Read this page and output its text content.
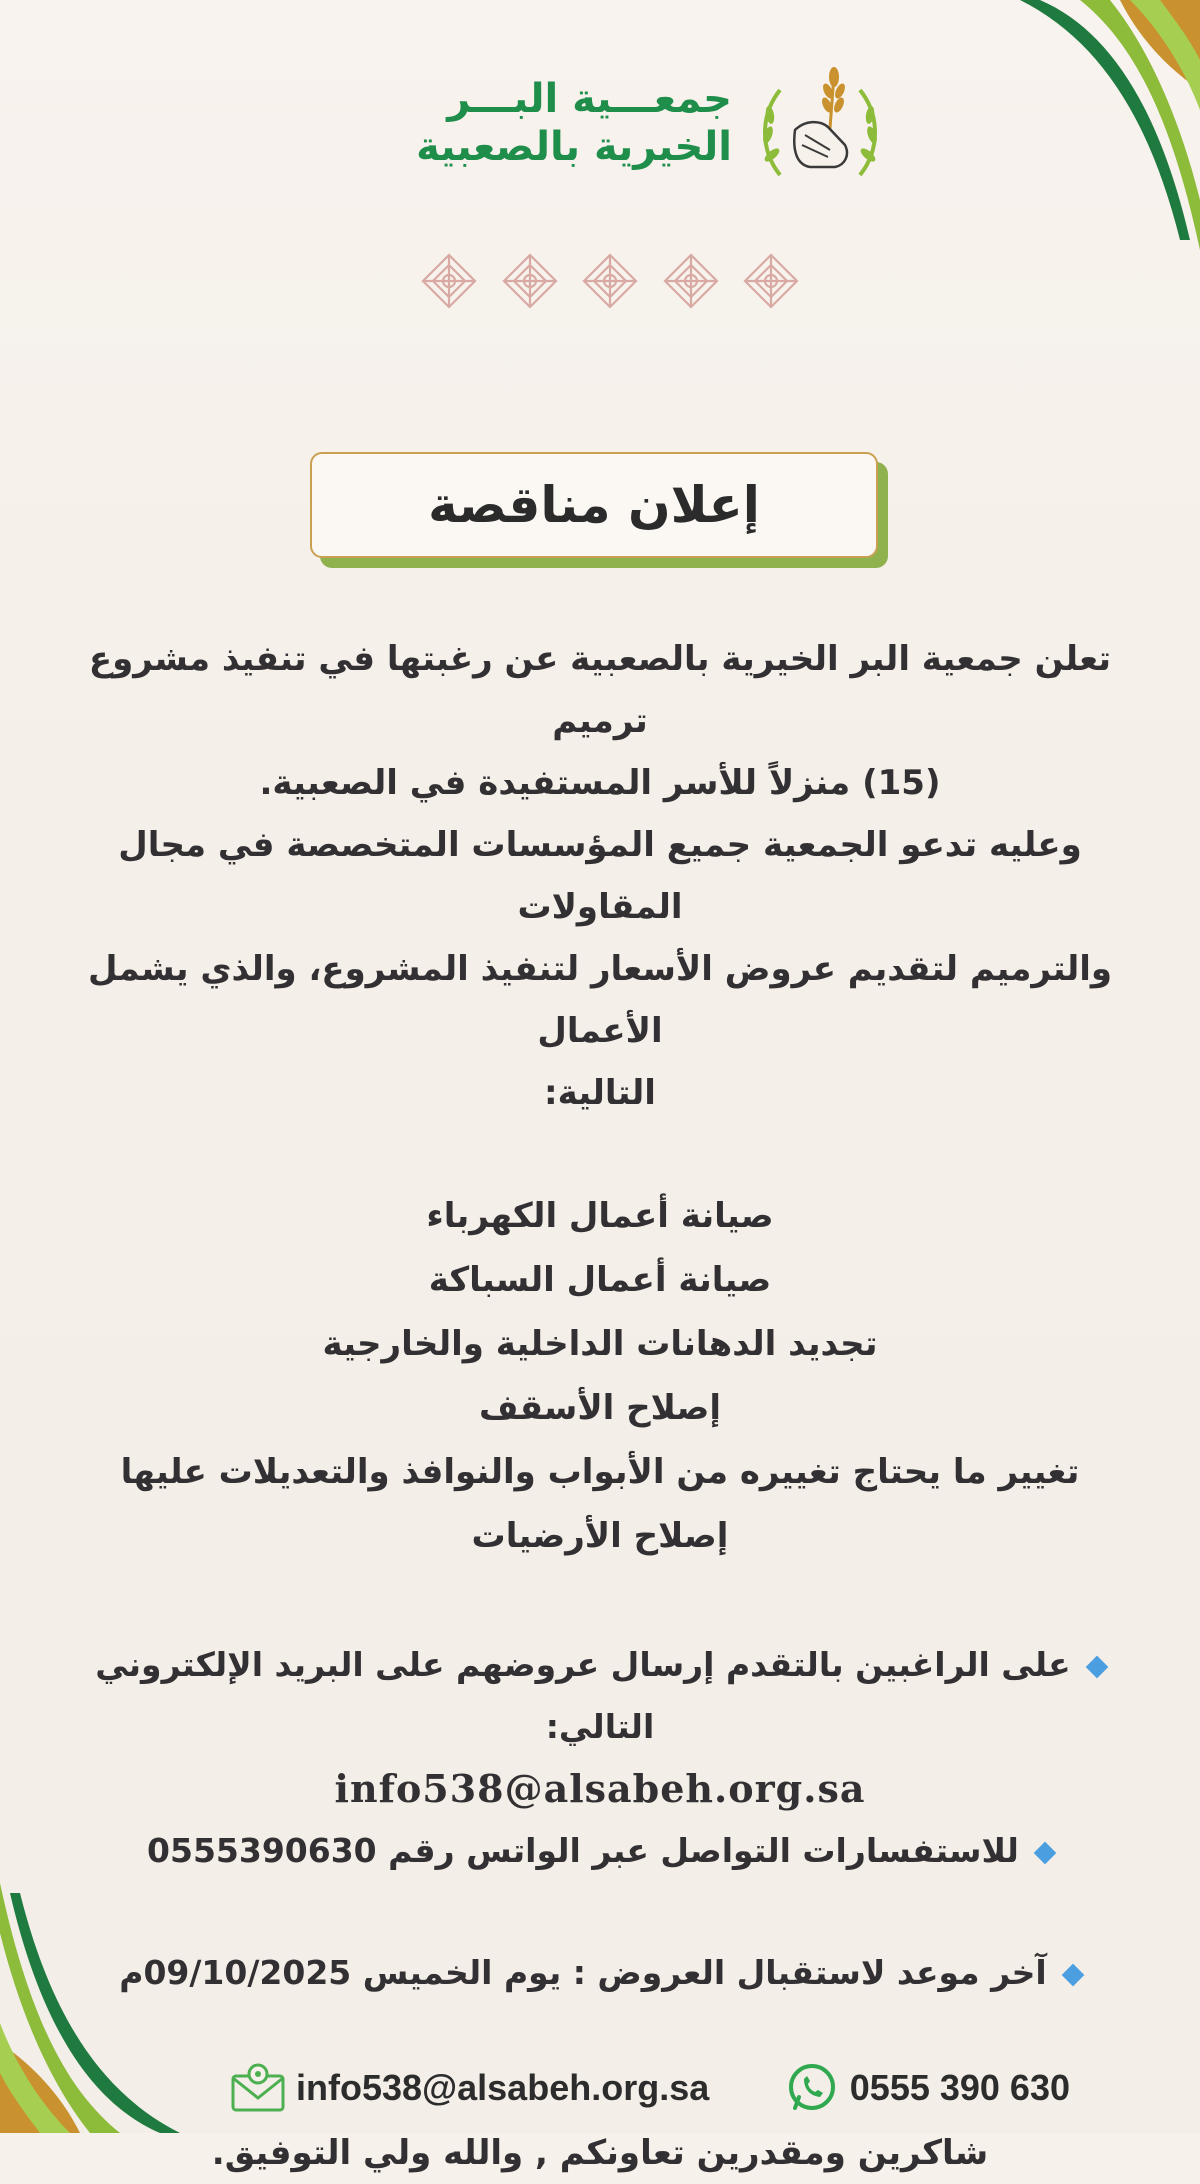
جمعـــية البـــر
الخيرية بالصعبية
إعلان مناقصة
تعلن جمعية البر الخيرية بالصعبية عن رغبتها في تنفيذ مشروع ترميم
(15) منزلاً للأسر المستفيدة في الصعبية.
وعليه تدعو الجمعية جميع المؤسسات المتخصصة في مجال المقاولات
والترميم لتقديم عروض الأسعار لتنفيذ المشروع، والذي يشمل الأعمال
التالية:
صيانة أعمال الكهرباء
صيانة أعمال السباكة
تجديد الدهانات الداخلية والخارجية
إصلاح الأسقف
تغيير ما يحتاج تغييره من الأبواب والنوافذ والتعديلات عليها
إصلاح الأرضيات
على الراغبين بالتقدم إرسال عروضهم على البريد الإلكتروني التالي:
info538@alsabeh.org.sa
للاستفسارات التواصل عبر الواتس رقم 0555390630
آخر موعد لاستقبال العروض : يوم الخميس 09/10/2025م
شاكرين ومقدرين تعاونكم , والله ولي التوفيق.
info538@alsabeh.org.sa	0555 390 630
